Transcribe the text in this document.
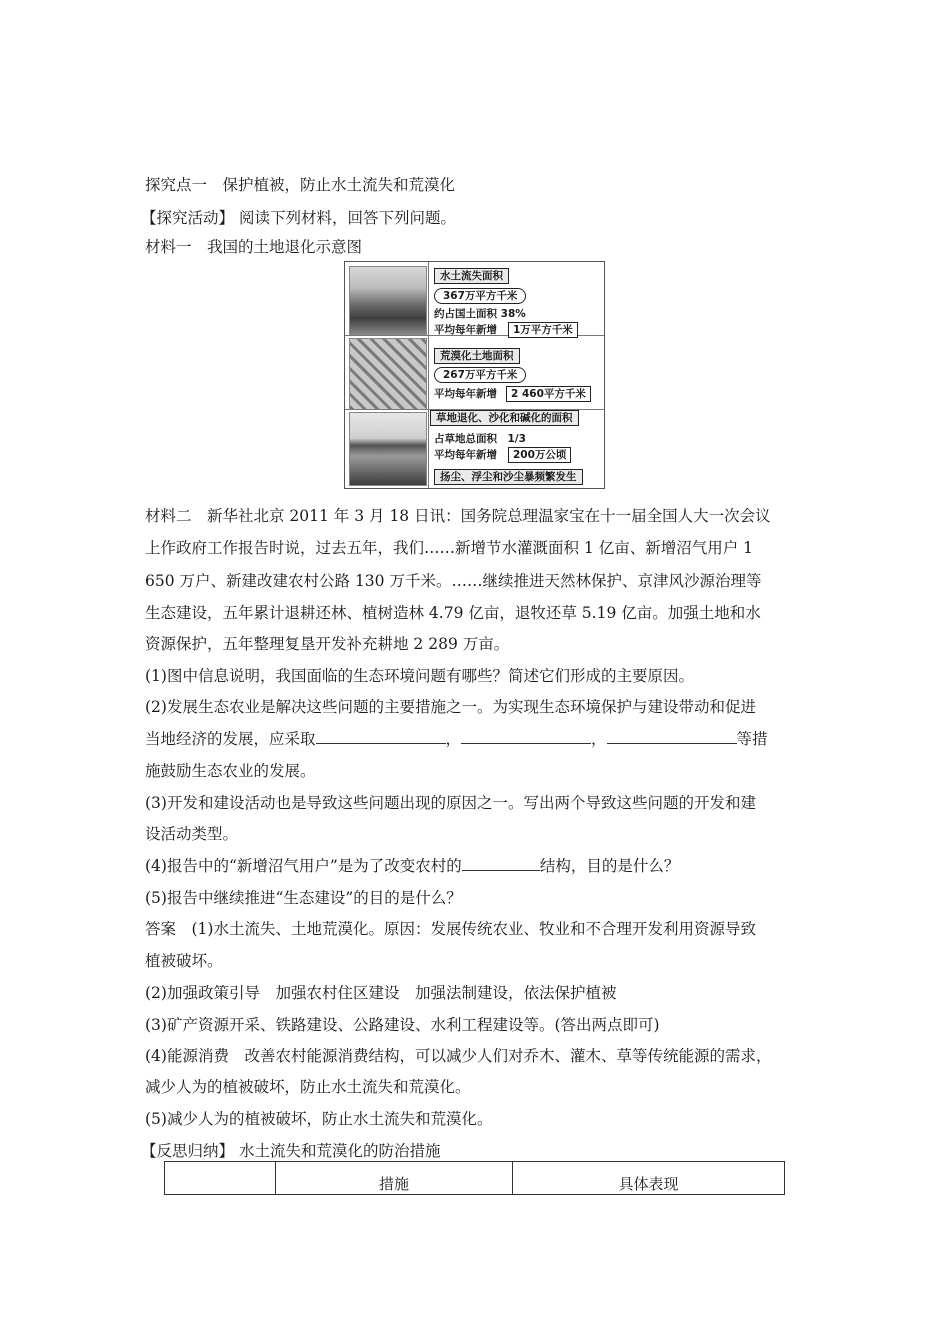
探究点一　保护植被，防止水土流失和荒漠化
【探究活动】 阅读下列材料，回答下列问题。
材料一　我国的土地退化示意图
水土流失面积
367万平方千米
约占国土面积 38%
平均每年新增	1万平方千米
荒漠化土地面积
267万平方千米
平均每年新增	2 460平方千米
草地退化、沙化和碱化的面积
占草地总面积　1/3
平均每年新增	200万公顷
扬尘、浮尘和沙尘暴频繁发生
材料二　新华社北京 2011 年 3 月 18 日讯：国务院总理温家宝在十一届全国人大一次会议
上作政府工作报告时说，过去五年，我们……新增节水灌溉面积 1 亿亩、新增沼气用户 1
650 万户、新建改建农村公路 130 万千米。……继续推进天然林保护、京津风沙源治理等
生态建设，五年累计退耕还林、植树造林 4.79 亿亩，退牧还草 5.19 亿亩。加强土地和水
资源保护，五年整理复垦开发补充耕地 2 289 万亩。
(1)图中信息说明，我国面临的生态环境问题有哪些？简述它们形成的主要原因。
(2)发展生态农业是解决这些问题的主要措施之一。为实现生态环境保护与建设带动和促进
当地经济的发展，应采取	，	，	等措
施鼓励生态农业的发展。
(3)开发和建设活动也是导致这些问题出现的原因之一。写出两个导致这些问题的开发和建
设活动类型。
(4)报告中的“新增沼气用户”是为了改变农村的	结构，目的是什么？
(5)报告中继续推进“生态建设”的目的是什么？
答案　(1)水土流失、土地荒漠化。原因：发展传统农业、牧业和不合理开发利用资源导致
植被破坏。
(2)加强政策引导　加强农村住区建设　加强法制建设，依法保护植被
(3)矿产资源开采、铁路建设、公路建设、水利工程建设等。(答出两点即可)
(4)能源消费　改善农村能源消费结构，可以减少人们对乔木、灌木、草等传统能源的需求，
减少人为的植被破坏，防止水土流失和荒漠化。
(5)减少人为的植被破坏，防止水土流失和荒漠化。
【反思归纳】 水土流失和荒漠化的防治措施
	措施	具体表现
